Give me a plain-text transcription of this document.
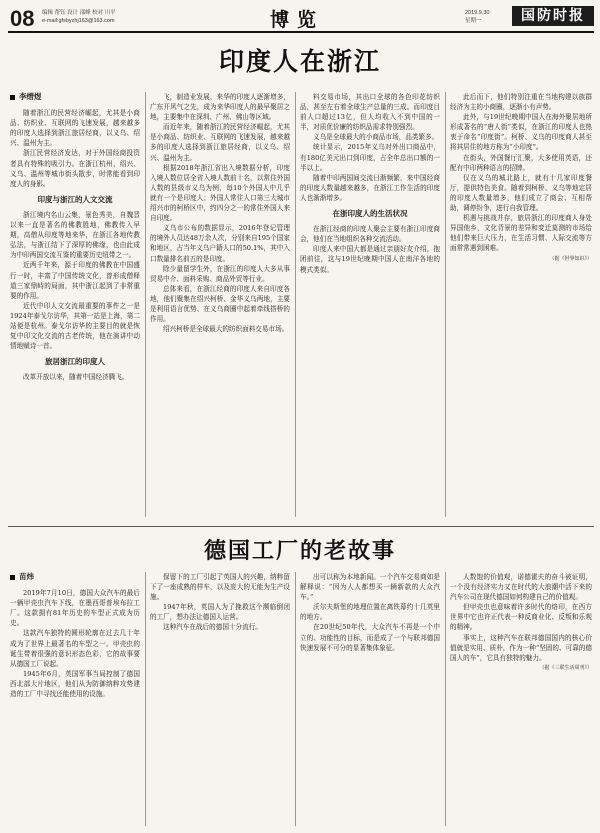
08 编辑 帮钰 设计 邵峰 校对 川平
e-mail:gfsbyzhj163@163.com	博览	2019.9.30
星期一	国防时报
印度人在浙江
李缙煜

随着浙江的民营经济崛起，尤其是小商品、纺织业、互联网的飞速发展，越来越多的印度人选择到浙江旅居经商，以义乌、绍兴、温州为主。

浙江民营经济发达，对于外国经商投资者具有特殊的吸引力。在浙江杭州、绍兴、义乌、温州等城市街头散步，时常能看到印度人的身影。

印度与浙江的人文交流

浙江境内名山云集，景色秀美，自魏晋以来一直是著名的佛教胜地，佛教传入早期，高僧从印度等地来华，在浙江各地传教弘法，与浙江结下了深厚的佛缘，也由此成为中印两国交流互鉴的重要历史纽带之一。

近两千年来，源于印度的佛教在中国盛行一时，丰富了中国传统文化，曾形成僧释道三家鼎峙的局面，其中浙江起到了非常重要的作用。

近代中印人文交流最重要的事件之一是1924年泰戈尔访华，其第一站是上海，第二站便是杭州。泰戈尔访华的主要目的就是恢复中印文化交流的古老传统，他在演讲中动情地赋诗一首。

旅居浙江的印度人

改革开放以来，随着中国经济腾飞。

飞，制造业发展，来华的印度人逐渐增多，广东开风气之先，成为来华印度人的最早聚居之地，主要集中在深圳、广州、佛山等区域。

而近年来，随着浙江的民营经济崛起，尤其是小商品、纺织业、互联网的飞速发展，越来越多的印度人选择到浙江旅居经商，以义乌、绍兴、温州为主。

根据2018年浙江省出入境数据分析，印度入境人数位居全省入境人数前十名，以常住外国人数的县级市义乌为例，每10个外国人中几乎就有一个是印度人；外国人常住人口第三大城市绍兴市的柯桥区中，约四分之一的常住外国人来自印度。

义乌市公布的数据显示，2016年登记管理的境外人员达48万余人次，分别来自195个国家和地区，占当年义乌户籍人口的50.1%，其中入口数量排名前五的是印度。

除少量留学生外，在浙江的印度人大多从事贸易中介、面料采购、商品外贸等行业。

总体来看，在浙江经商的印度人来自印度各地，他们聚集在绍兴柯桥、金华义乌两地，主要是利用语言优势、在义乌商圈中起着牵线搭桥的作用。

绍兴柯桥是全球最大的纺织面料交易市场。

料交易市场，其出口全球的各色印花纺织品，甚至左右着全球生产总量的三成。而印度目前人口超过13亿，但人均收入不到中国的一半，对质优价廉的纺织品需求特别强烈。

义乌是全球最大的小商品市场，品类繁多。

统计显示，2015年义乌对外出口商品中，有180亿美元出口到印度，占全年总出口额的一半以上。

随着中印两国间交流日渐频繁，来中国经商的印度人数量越来越多，在浙江工作生活的印度人也渐渐增多。

在浙印度人的生活状况

在浙江经商的印度人聚会主要有浙江印度商会，他们在当地组织各种交流活动。

印度人来中国大都是通过亲朋好友介绍，抱团前往，这与19世纪晚期中国人在南洋各地的模式类似。

此后而下，他们特别注重在当地构建以族群经济为主的小商圈，逐渐小有声势。

此外，与19世纪晚期中国人在海外聚居地所形成著名的“唐人街”类似，在浙江的印度人也热衷于命名“印度街”。柯桥、义乌的印度商人甚至将其居住的地方称为“小印度”。

在街头，外国餐厅汇聚，大多使用英语，还配有中印两种语言的招牌。

仅在义乌的城北路上，就有十几家印度餐厅，提供特色美食。随着到柯桥、义乌等地定居的印度人数量增多，他们成立了商会、互相帮助，调停纷争，进行自我管理。

机遇与挑战并存，旅居浙江的印度商人身处异国他乡，文化背景的差异和变迁莫测的市场给他们带来巨大压力，在生活习惯、人际交流等方面常常遇到困难。

（据《世界知识》）

德国工厂的老故事
苗炜

2019年7月10日，德国大众汽车的最后一辆甲壳虫汽车下线，在墨西哥普埃布拉工厂。这款拥有81年历史的车型正式成为历史。

这款汽车独特的圆形轮廓在过去几十年成为了世界上最著名的车型之一。甲壳虫的诞生带着很强的意识形态色彩，它的故事要从德国工厂说起。

1945年6月，英国军事当局控制了德国西北部大片地区，他们从为防御纳粹攻势建造的工厂中寻找还能使用的设施。

保留下的工厂引起了英国人的兴趣，纳粹留下了一座成熟的样车，以及庞大的无能为生产设施。

1947年秋，英国人为了挽救这个濒临倒闭的工厂，想办法让德国人运营。

这种汽车在战后的德国十分流行。

出可以称为本地新闻。一个汽车交易商如是解释说：“因为人人都想买一辆新款的大众汽车。”

沃尔夫斯堡的地理位置在离铁幕约十几英里的地方。

在20世纪50年代，大众汽车不再是一个中立的、功能性的目标，而是成了一个与联邦德国快速发展不可分的显著集体象征。

人数饱的价值观，诺德霍夫的奋斗被证明，一个没有经济实力又在时代的大浪潮中活下来的汽车公司在现代德国如何构建自己的价值观。

但甲壳虫也意味着许多时代的烙印，在西方世界中它也许正代表一种反商业化、反叛和乐观的精神。

事实上，这种汽车在联邦德国国内的核心价值就是实用、质朴，作为一种“坚固的、可靠的德国人的车”，它具有独特的魅力。

（据《三联生活周刊》）
